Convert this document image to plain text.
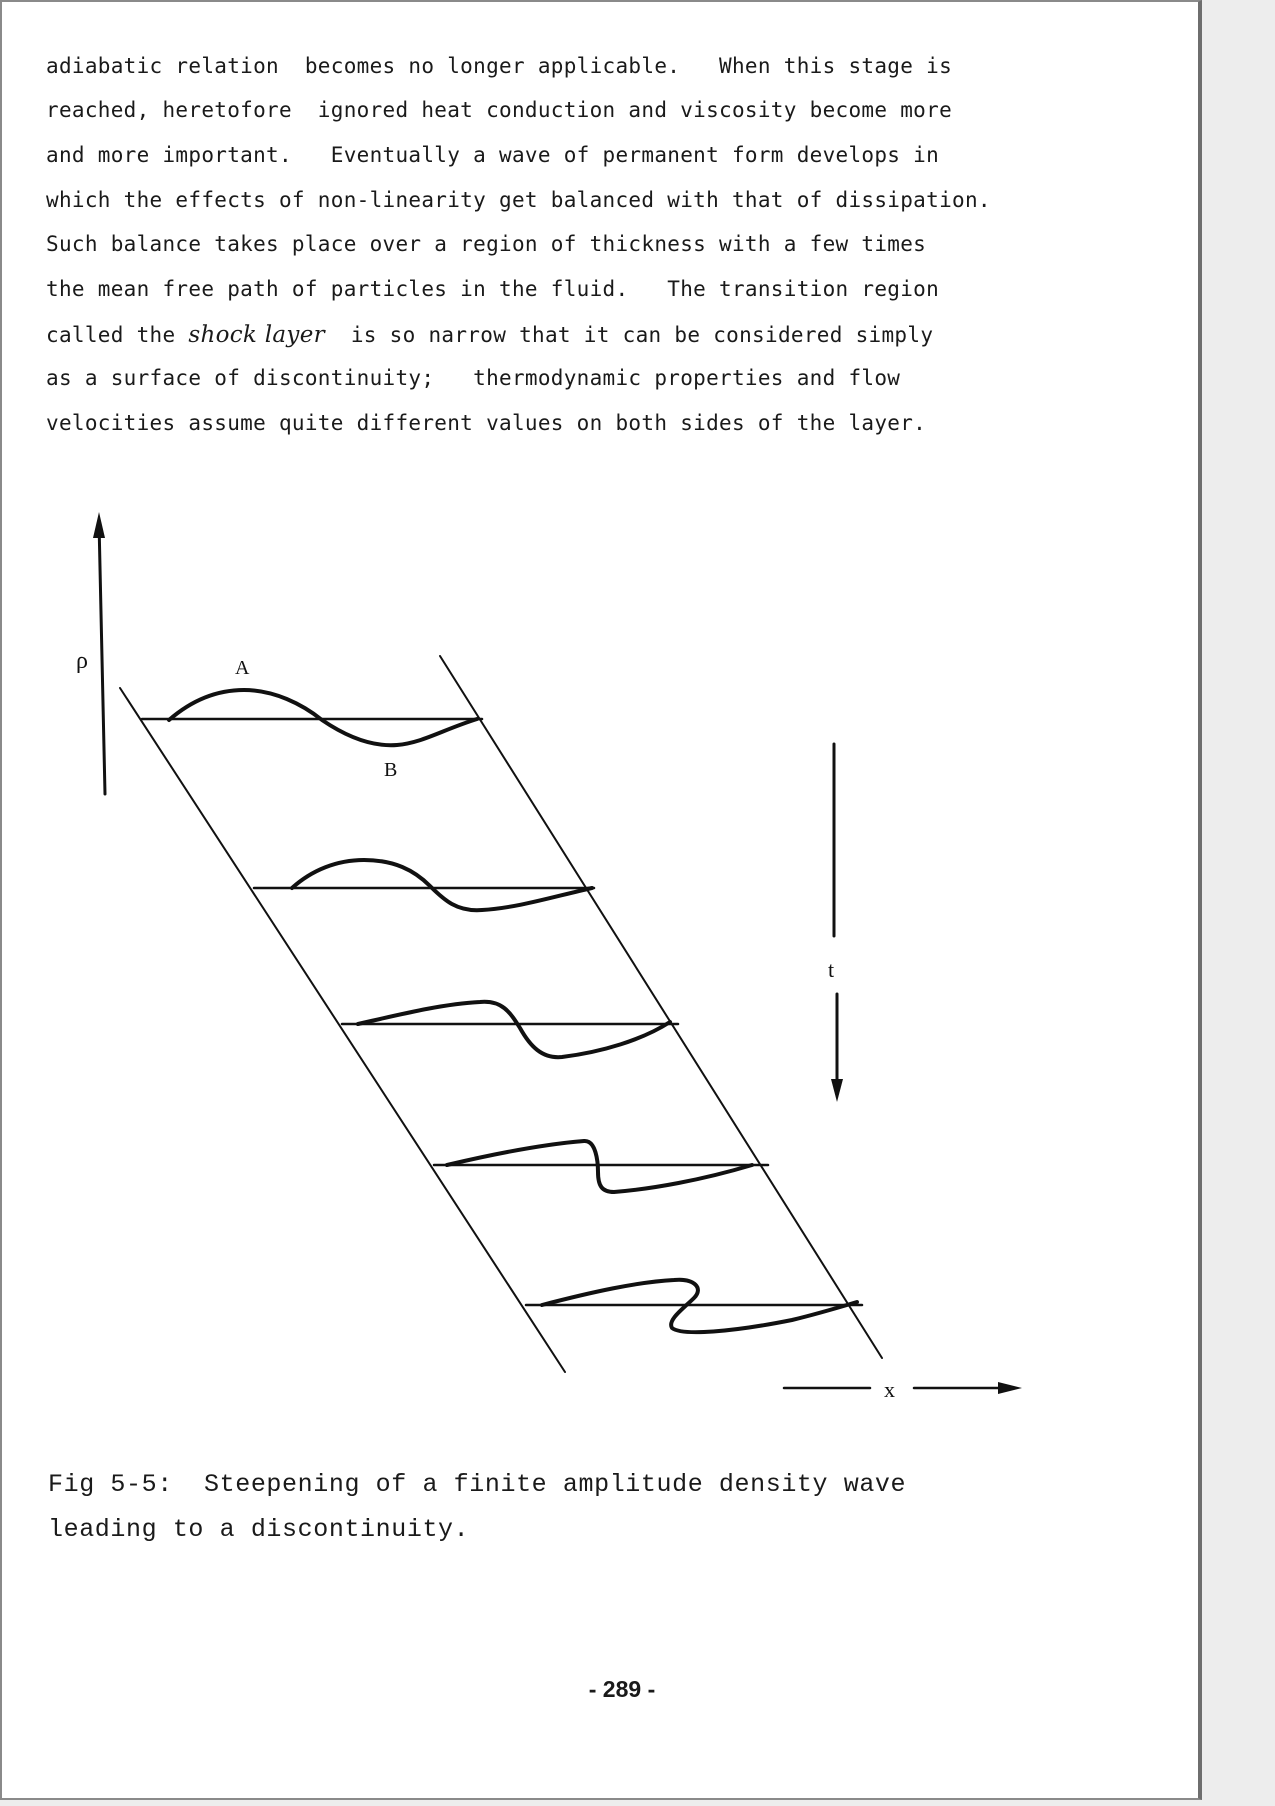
adiabatic relation  becomes no longer applicable.   When this stage is
reached, heretofore  ignored heat conduction and viscosity become more
and more important.   Eventually a wave of permanent form develops in
which the effects of non-linearity get balanced with that of dissipation.
Such balance takes place over a region of thickness with a few times
the mean free path of particles in the fluid.   The transition region
called the shock layer  is so narrow that it can be considered simply
as a surface of discontinuity;   thermodynamic properties and flow
velocities assume quite different values on both sides of the layer.
ρ	A
B
t
x
Fig 5-5:  Steepening of a finite amplitude density wave
leading to a discontinuity.
- 289 -
